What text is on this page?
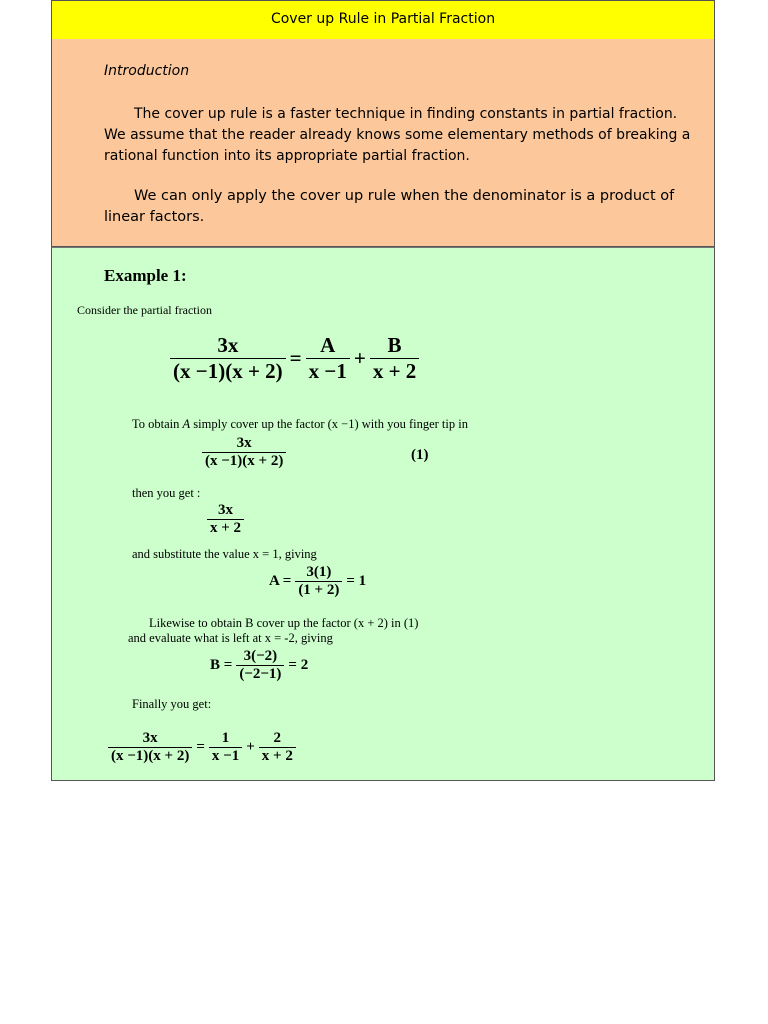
Cover up Rule in Partial Fraction
Introduction
The cover up rule is a faster technique in finding constants in partial fraction. We assume that the reader already knows some elementary methods of breaking a rational function into its appropriate partial fraction.
We can only apply the cover up rule when the denominator is a product of linear factors.
Example 1:
Consider the partial fraction
$\frac{3x}{(x -1)(x + 2)} = \frac{A}{x -1} + \frac{B}{x + 2}$
To obtain A simply cover up the factor (x −1) with you finger tip in
$\frac{3x}{(x -1)(x + 2)}$	(1)
then you get :
$\frac{3x}{x + 2}$
and substitute the value x = 1, giving
$A = \frac{3(1)}{(1 + 2)} = 1$
Likewise to obtain B cover up the factor (x + 2) in (1)
and evaluate what is left at x = -2, giving
$B = \frac{3(-2)}{(-2-1)} = 2$
Finally you get:
$\frac{3x}{(x -1)(x + 2)} = \frac{1}{x -1} + \frac{2}{x + 2}$
